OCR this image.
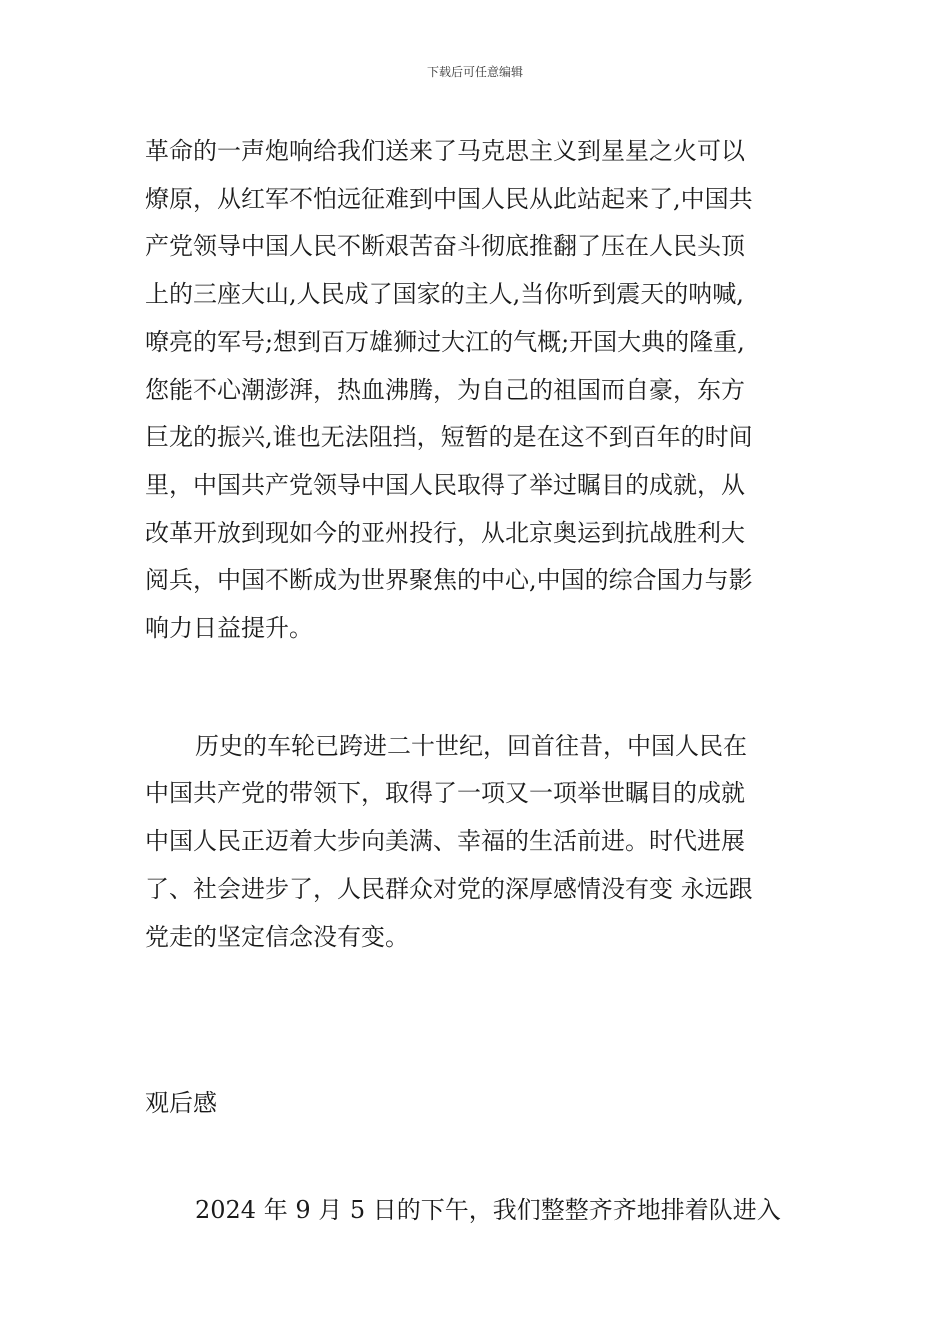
下载后可任意编辑

革命的一声炮响给我们送来了马克思主义到星星之火可以

燎原，从红军不怕远征难到中国人民从此站起来了,中国共

产党领导中国人民不断艰苦奋斗彻底推翻了压在人民头顶

上的三座大山,人民成了国家的主人,当你听到震天的呐喊,

嘹亮的军号;想到百万雄狮过大江的气概;开国大典的隆重,

您能不心潮澎湃，热血沸腾，为自己的祖国而自豪，东方

巨龙的振兴,谁也无法阻挡，短暂的是在这不到百年的时间

里，中国共产党领导中国人民取得了举过瞩目的成就，从

改革开放到现如今的亚州投行，从北京奥运到抗战胜利大

阅兵，中国不断成为世界聚焦的中心,中国的综合国力与影

响力日益提升。

历史的车轮已跨进二十世纪，回首往昔，中国人民在

中国共产党的带领下，取得了一项又一项举世瞩目的成就

中国人民正迈着大步向美满、幸福的生活前进。时代进展

了、社会进步了，人民群众对党的深厚感情没有变 永远跟

党走的坚定信念没有变。

观后感

2024 年 9 月 5 日的下午，我们整整齐齐地排着队进入
